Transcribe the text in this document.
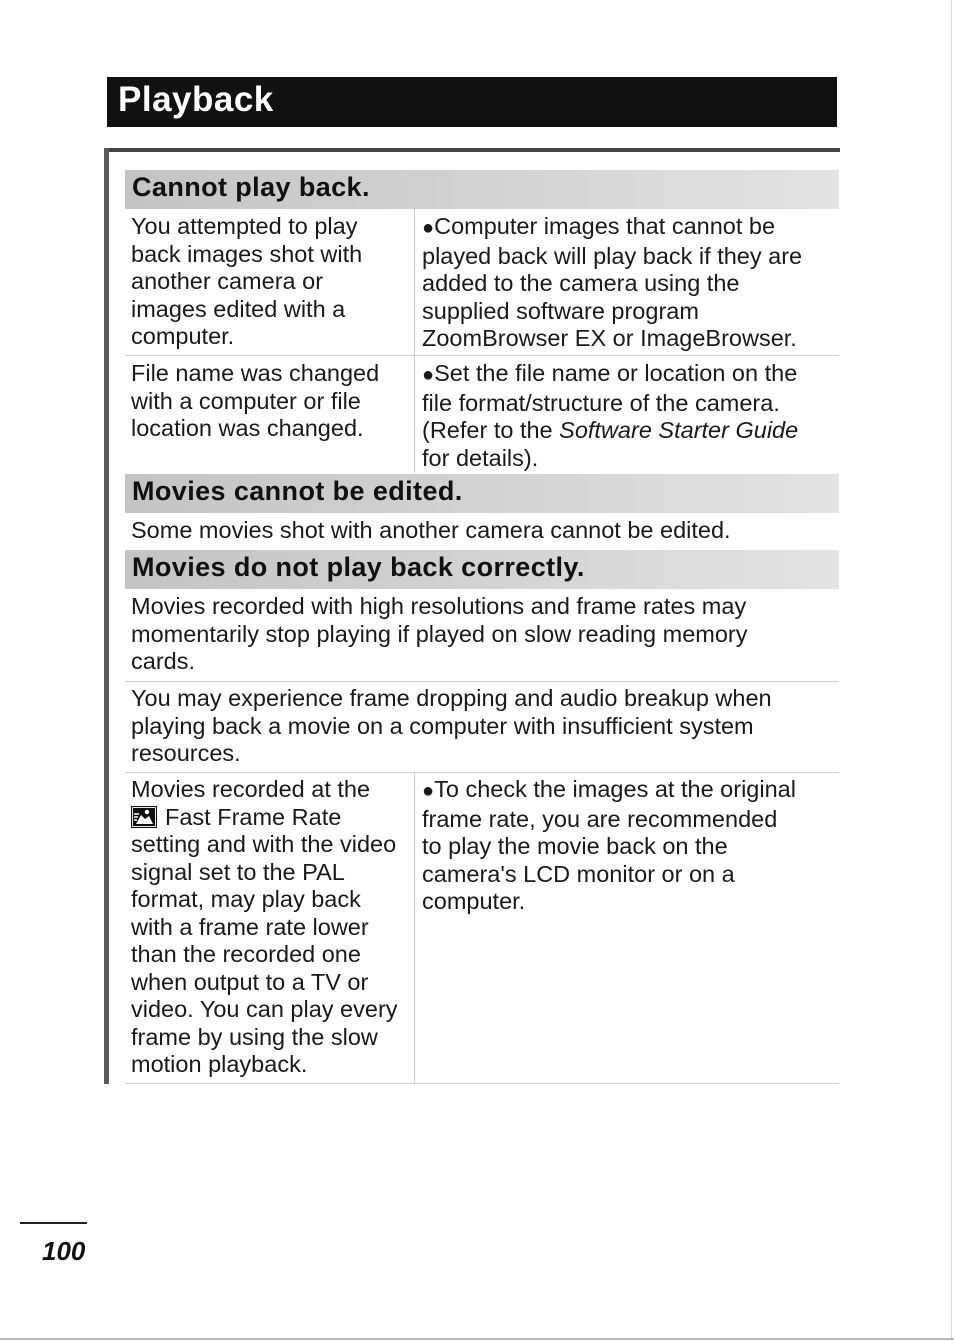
Playback
Cannot play back.
You attempted to play
back images shot with
another camera or
images edited with a
computer.
●Computer images that cannot be
played back will play back if they are
added to the camera using the
supplied software program
ZoomBrowser EX or ImageBrowser.
File name was changed
with a computer or file
location was changed.
●Set the file name or location on the
file format/structure of the camera.
(Refer to the Software Starter Guide
for details).
Movies cannot be edited.
Some movies shot with another camera cannot be edited.
Movies do not play back correctly.
Movies recorded with high resolutions and frame rates may
momentarily stop playing if played on slow reading memory
cards.
You may experience frame dropping and audio breakup when
playing back a movie on a computer with insufficient system
resources.
Movies recorded at the
Fast Frame Rate
setting and with the video
signal set to the PAL
format, may play back
with a frame rate lower
than the recorded one
when output to a TV or
video. You can play every
frame by using the slow
motion playback.
●To check the images at the original
frame rate, you are recommended
to play the movie back on the
camera's LCD monitor or on a
computer.
100
